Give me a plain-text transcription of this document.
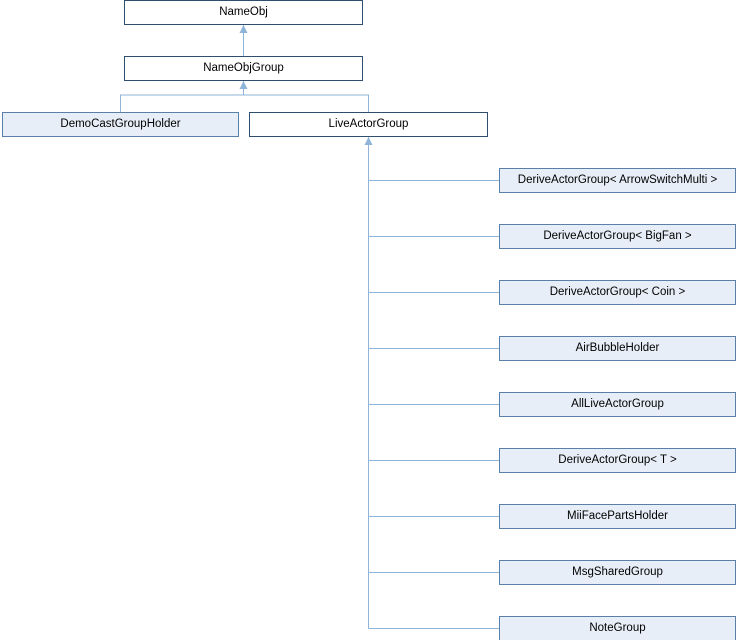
NameObj
NameObjGroup
DemoCastGroupHolder	LiveActorGroup
DeriveActorGroup< ArrowSwitchMulti >
DeriveActorGroup< BigFan >
DeriveActorGroup< Coin >
AirBubbleHolder
AllLiveActorGroup
DeriveActorGroup< T >
MiiFacePartsHolder
MsgSharedGroup
NoteGroup
